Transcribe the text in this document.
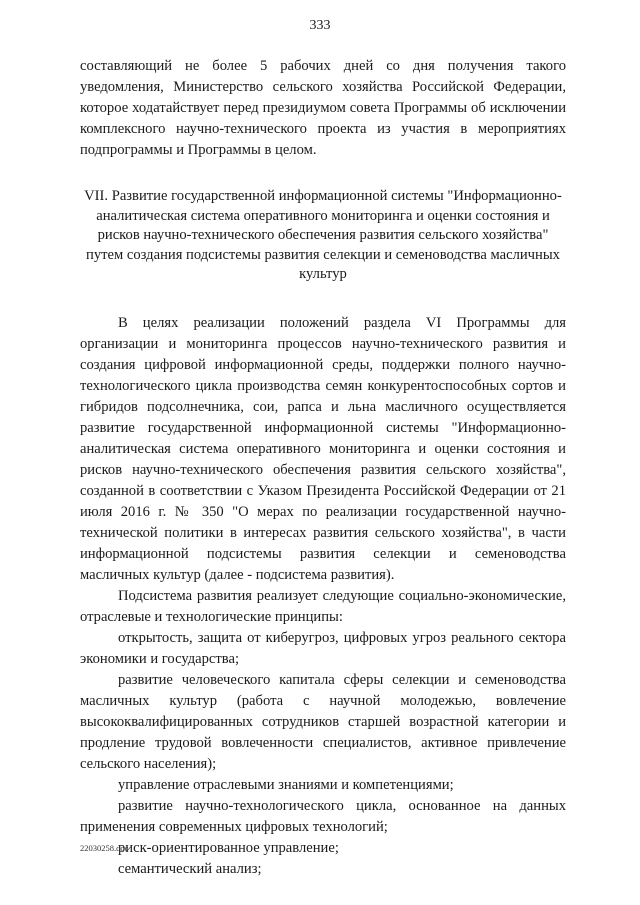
333

составляющий не более 5 рабочих дней со дня получения такого уведомления, Министерство сельского хозяйства Российской Федерации, которое ходатайствует перед президиумом совета Программы об исключении комплексного научно-технического проекта из участия в мероприятиях подпрограммы и Программы в целом.

VII. Развитие государственной информационной системы "Информационно-аналитическая система оперативного мониторинга и оценки состояния и рисков научно-технического обеспечения развития сельского хозяйства" путем создания подсистемы развития селекции и семеноводства масличных культур

В целях реализации положений раздела VI Программы для организации и мониторинга процессов научно-технического развития и создания цифровой информационной среды, поддержки полного научно-технологического цикла производства семян конкурентоспособных сортов и гибридов подсолнечника, сои, рапса и льна масличного осуществляется развитие государственной информационной системы "Информационно-аналитическая система оперативного мониторинга и оценки состояния и рисков научно-технического обеспечения развития сельского хозяйства", созданной в соответствии с Указом Президента Российской Федерации от 21 июля 2016 г. № 350 "О мерах по реализации государственной научно-технической политики в интересах развития сельского хозяйства", в части информационной подсистемы развития селекции и семеноводства масличных культур (далее - подсистема развития).

Подсистема развития реализует следующие социально-экономические, отраслевые и технологические принципы:

открытость, защита от киберугроз, цифровых угроз реального сектора экономики и государства;

развитие человеческого капитала сферы селекции и семеноводства масличных культур (работа с научной молодежью, вовлечение высококвалифицированных сотрудников старшей возрастной категории и продление трудовой вовлеченности специалистов, активное привлечение сельского населения);

управление отраслевыми знаниями и компетенциями;

развитие научно-технологического цикла, основанное на данных применения современных цифровых технологий;

риск-ориентированное управление;

семантический анализ;

22030258.doc
